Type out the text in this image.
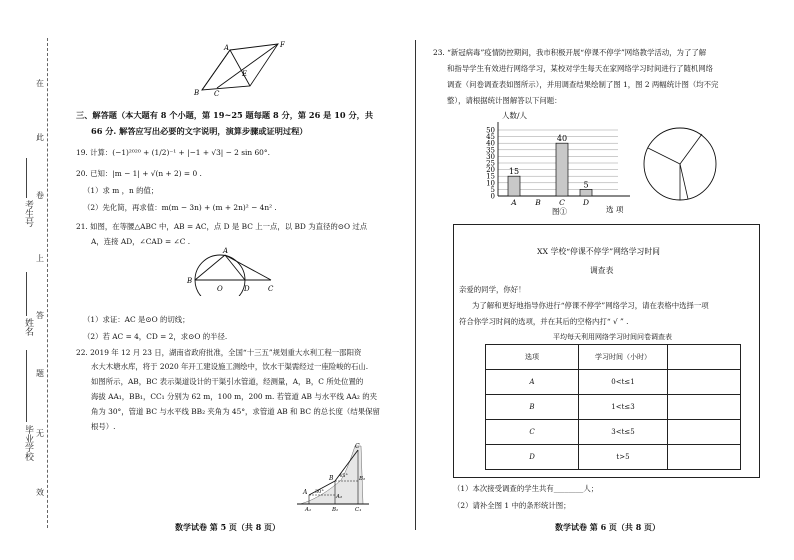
在
此
卷
上
答
题
无
效
考生号
姓名
毕业学校
A	F
E
B C
三、解答题（本大题有 8 个小题，第 19~25 题每题 8 分，第 26 是 10 分，共
66 分. 解答应写出必要的文字说明，演算步骤或证明过程）
19. 计算：(−1)²⁰²⁰ + (1/2)⁻¹ + |−1 + √3| − 2 sin 60°.
20. 已知：|m − 1| + √(n + 2) = 0 .
（1）求 m ，n 的值；
（2）先化简，再求值：m(m − 3n) + (m + 2n)² − 4n² .
21. 如图，在等腰△ABC 中，AB = AC，点 D 是 BC 上一点，以 BD 为直径的⊙O 过点
A，连接 AD，∠CAD = ∠C .
A
B
O	D	C
（1）求证：AC 是⊙O 的切线；
（2）若 AC = 4，CD = 2，求⊙O 的半径.
22. 2019 年 12 月 23 日，湖南省政府批准，全国“十三五”规划重大水利工程一邵阳资
水大木塘水库，将于 2020 年开工建设施工测绘中，饮水干渠需经过一座险峻的石山.
如图所示，AB，BC 表示渠道设计的干渠引水管道，经测量，A，B，C 所处位置的
海拔 AA₁，BB₁，CC₁ 分别为 62 m，100 m，200 m. 若管道 AB 与水平线 AA₂ 的夹
角为 30°，管道 BC 与水平线 BB₂ 夹角为 45°，求管道 AB 和 BC 的总长度（结果保留
根号）.
C
B
A
A₁	B₁	C₁
B₂
A₂
45°
30°
数学试卷 第 5 页（共 8 页）
23. “新冠病毒”疫情防控期间，我市积极开展“停课不停学”网络教学活动，为了了解
和指导学生有效进行网络学习，某校对学生每天在家网络学习时间进行了随机网络
调查（问卷调查表如图所示），并用调查结果绘制了图 1，图 2 两幅统计图（均不完
整），请根据统计图解答以下问题：
0
5
10
15
20
25
30
35
40
45
50
人数/人
选 项
图①
15
A B
40
C
5
D
XX 学校“停课不停学”网络学习时间
调查表
亲爱的同学，你好！
为了解和更好地指导你进行“停课不停学”网络学习，请在表格中选择一项
符合你学习时间的选项，并在其后的空格内打“ √ ” .
平均每天利用网络学习时间问卷调查表
选项	学习时间（小时）	
A	0<t≤1	
B	1<t≤3	
C	3<t≤5	
D	t>5	
（1）本次接受调查的学生共有________人；
（2）请补全图 1 中的条形统计图；
数学试卷 第 6 页（共 8 页）
